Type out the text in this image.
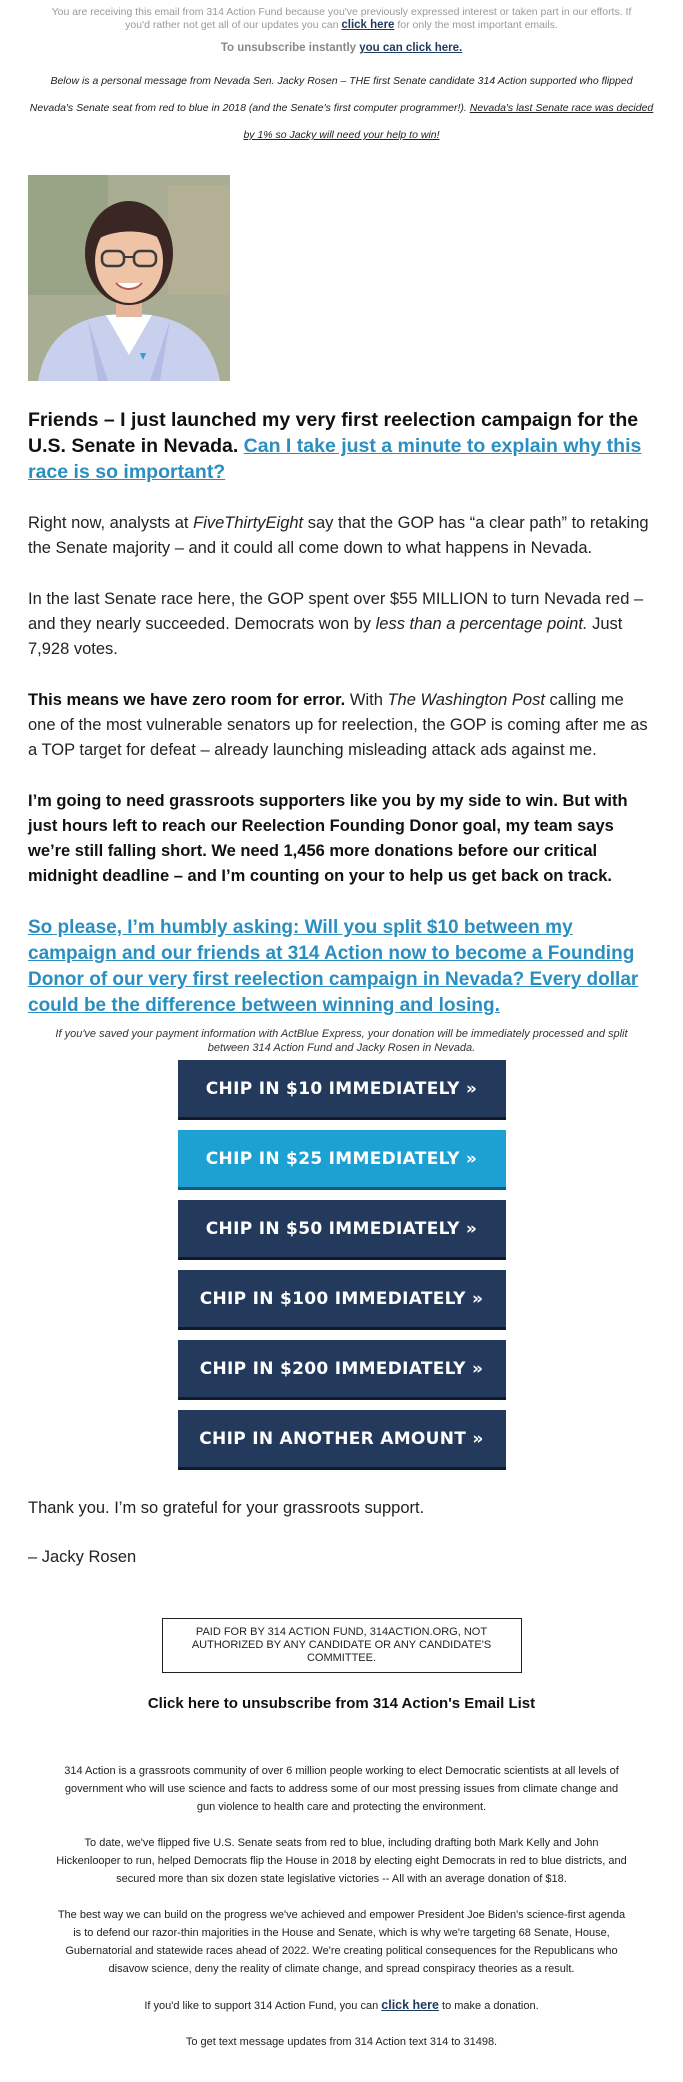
You are receiving this email from 314 Action Fund because you've previously expressed interest or taken part in our efforts. If you'd rather not get all of our updates you can click here for only the most important emails.
To unsubscribe instantly you can click here.
Below is a personal message from Nevada Sen. Jacky Rosen – THE first Senate candidate 314 Action supported who flipped Nevada's Senate seat from red to blue in 2018 (and the Senate's first computer programmer!). Nevada's last Senate race was decided by 1% so Jacky will need your help to win!

Friends – I just launched my very first reelection campaign for the U.S. Senate in Nevada. Can I take just a minute to explain why this race is so important?

Right now, analysts at FiveThirtyEight say that the GOP has “a clear path” to retaking the Senate majority – and it could all come down to what happens in Nevada.

In the last Senate race here, the GOP spent over $55 MILLION to turn Nevada red – and they nearly succeeded. Democrats won by less than a percentage point. Just 7,928 votes.

This means we have zero room for error. With The Washington Post calling me one of the most vulnerable senators up for reelection, the GOP is coming after me as a TOP target for defeat – already launching misleading attack ads against me.

I’m going to need grassroots supporters like you by my side to win. But with just hours left to reach our Reelection Founding Donor goal, my team says we’re still falling short. We need 1,456 more donations before our critical midnight deadline – and I’m counting on your to help us get back on track.

So please, I’m humbly asking: Will you split $10 between my campaign and our friends at 314 Action now to become a Founding Donor of our very first reelection campaign in Nevada? Every dollar could be the difference between winning and losing.

If you've saved your payment information with ActBlue Express, your donation will be immediately processed and split between 314 Action Fund and Jacky Rosen in Nevada.
CHIP IN $10 IMMEDIATELY »
CHIP IN $25 IMMEDIATELY »
CHIP IN $50 IMMEDIATELY »
CHIP IN $100 IMMEDIATELY »
CHIP IN $200 IMMEDIATELY »
CHIP IN ANOTHER AMOUNT »

Thank you. I’m so grateful for your grassroots support.

– Jacky Rosen

PAID FOR BY 314 ACTION FUND, 314ACTION.ORG, NOT AUTHORIZED BY ANY CANDIDATE OR ANY CANDIDATE'S COMMITTEE.
Click here to unsubscribe from 314 Action's Email List

314 Action is a grassroots community of over 6 million people working to elect Democratic scientists at all levels of government who will use science and facts to address some of our most pressing issues from climate change and gun violence to health care and protecting the environment.

To date, we've flipped five U.S. Senate seats from red to blue, including drafting both Mark Kelly and John Hickenlooper to run, helped Democrats flip the House in 2018 by electing eight Democrats in red to blue districts, and secured more than six dozen state legislative victories -- All with an average donation of $18.

The best way we can build on the progress we've achieved and empower President Joe Biden's science-first agenda is to defend our razor-thin majorities in the House and Senate, which is why we're targeting 68 Senate, House, Gubernatorial and statewide races ahead of 2022. We're creating political consequences for the Republicans who disavow science, deny the reality of climate change, and spread conspiracy theories as a result.

If you'd like to support 314 Action Fund, you can click here to make a donation.

To get text message updates from 314 Action text 314 to 31498.
